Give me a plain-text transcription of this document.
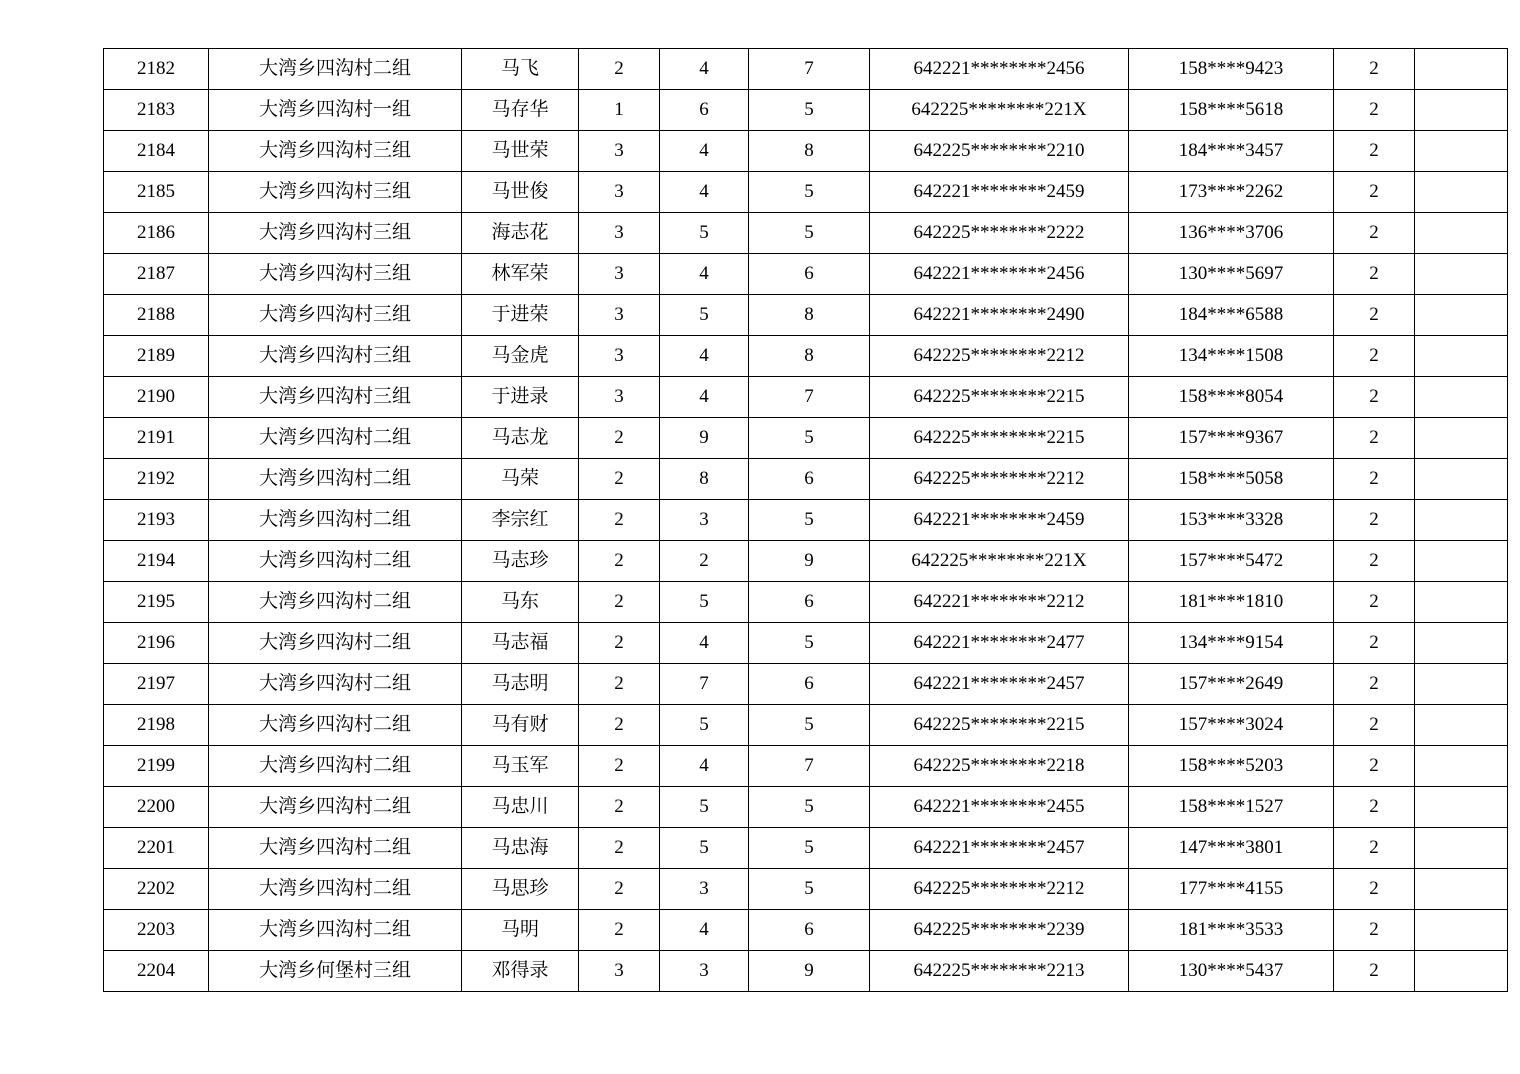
2182	大湾乡四沟村二组	马飞	2	4	7	642221********2456	158****9423	2	
2183	大湾乡四沟村一组	马存华	1	6	5	642225********221X	158****5618	2	
2184	大湾乡四沟村三组	马世荣	3	4	8	642225********2210	184****3457	2	
2185	大湾乡四沟村三组	马世俊	3	4	5	642221********2459	173****2262	2	
2186	大湾乡四沟村三组	海志花	3	5	5	642225********2222	136****3706	2	
2187	大湾乡四沟村三组	林军荣	3	4	6	642221********2456	130****5697	2	
2188	大湾乡四沟村三组	于进荣	3	5	8	642221********2490	184****6588	2	
2189	大湾乡四沟村三组	马金虎	3	4	8	642225********2212	134****1508	2	
2190	大湾乡四沟村三组	于进录	3	4	7	642225********2215	158****8054	2	
2191	大湾乡四沟村二组	马志龙	2	9	5	642225********2215	157****9367	2	
2192	大湾乡四沟村二组	马荣	2	8	6	642225********2212	158****5058	2	
2193	大湾乡四沟村二组	李宗红	2	3	5	642221********2459	153****3328	2	
2194	大湾乡四沟村二组	马志珍	2	2	9	642225********221X	157****5472	2	
2195	大湾乡四沟村二组	马东	2	5	6	642221********2212	181****1810	2	
2196	大湾乡四沟村二组	马志福	2	4	5	642221********2477	134****9154	2	
2197	大湾乡四沟村二组	马志明	2	7	6	642221********2457	157****2649	2	
2198	大湾乡四沟村二组	马有财	2	5	5	642225********2215	157****3024	2	
2199	大湾乡四沟村二组	马玉军	2	4	7	642225********2218	158****5203	2	
2200	大湾乡四沟村二组	马忠川	2	5	5	642221********2455	158****1527	2	
2201	大湾乡四沟村二组	马忠海	2	5	5	642221********2457	147****3801	2	
2202	大湾乡四沟村二组	马思珍	2	3	5	642225********2212	177****4155	2	
2203	大湾乡四沟村二组	马明	2	4	6	642225********2239	181****3533	2	
2204	大湾乡何堡村三组	邓得录	3	3	9	642225********2213	130****5437	2	
